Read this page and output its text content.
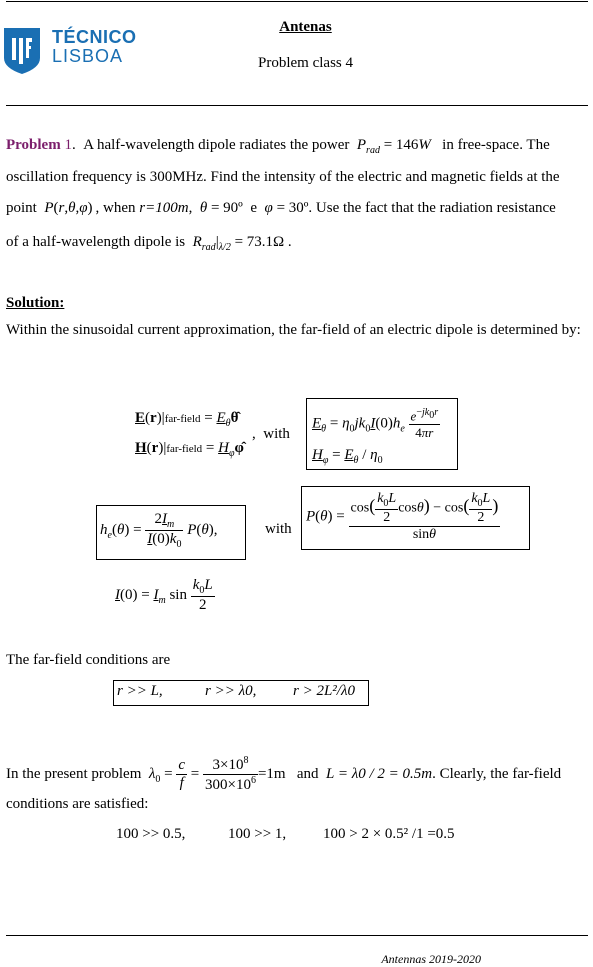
TÉCNICO
LISBOA
Antenas
Problem class 4
Problem 1.  A half-wavelength dipole radiates the power  $P_{rad} = 146W$   in free-space. The
oscillation frequency is 300MHz. Find the intensity of the electric and magnetic fields at the
point  P(r,θ,φ) , when r=100m,  θ = 90º  e  φ = 30º. Use the fact that the radiation resistance
of a half-wavelength dipole is  $R_{rad}|_{\lambda/2} = 73.1\Omega$ .
Solution:
Within the sinusoidal current approximation, the far-field of an electric dipole is determined by:
E(r)|far-field = $E_\theta\thetâ$
H(r)|far-field = $H_\varphi\varphî$
,  with
$E_\theta = \eta_0jk_0I(0)h_e \frac{e^{-jk_0r}}{4\pi r}$
$H_\varphi = E_\theta / \eta_0$
$h_e(\theta) = \frac{2I_m}{I(0)k_0} P(\theta)$,	with
$P(\theta) = \frac{\cos( \frac{k_0L}{2} \cos\theta) - \cos( \frac{k_0L}{2} )}{\sin\theta}$
$I(0) = I_m$ $\sin \frac{k_0L}{2}$
The far-field conditions are
r >> L,	r >> λ0, r > 2L²/λ0
In the present problem $\lambda_0 = \frac{c}{f} = \frac{3\times 10^8}{300\times 10^6} =1m$ and L = λ0 / 2 = 0.5m. Clearly, the far-field
conditions are satisfied:
100 >> 0.5,	100 >> 1, 100 > 2 × 0.5² /1 =0.5
Antennas 2019-2020
